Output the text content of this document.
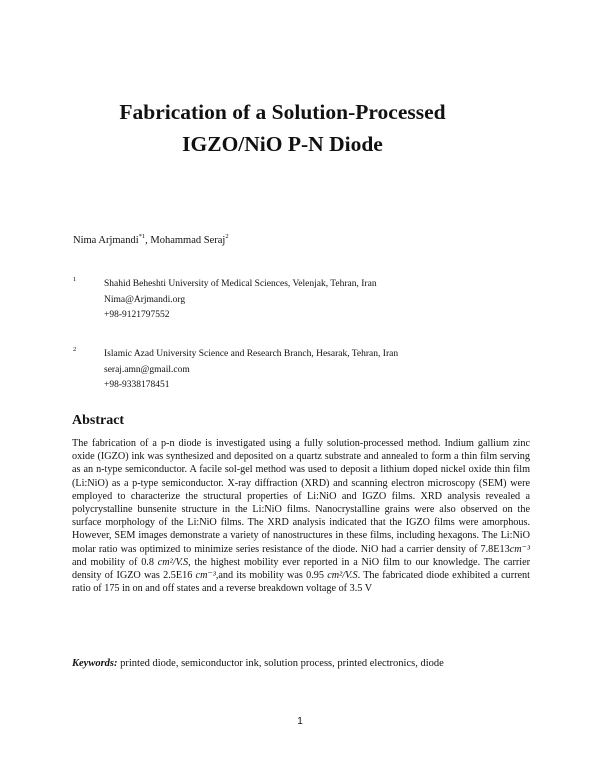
Fabrication of a Solution-Processed
IGZO/NiO P-N Diode
Nima Arjmandi$^{*1}$, Mohammad Seraj$^2$
1	Shahid Beheshti University of Medical Sciences, Velenjak, Tehran, Iran
Nima@Arjmandi.org
+98-9121797552
2	Islamic Azad University Science and Research Branch, Hesarak, Tehran, Iran
seraj.amn@gmail.com
+98-9338178451
Abstract
The fabrication of a p-n diode is investigated using a fully solution-processed method. Indium gallium zinc oxide (IGZO) ink was synthesized and deposited on a quartz substrate and annealed to form a thin film serving as an n-type semiconductor. A facile sol-gel method was used to deposit a lithium doped nickel oxide thin film (Li:NiO) as a p-type semiconductor. X-ray diffraction (XRD) and scanning electron microscopy (SEM) were employed to characterize the structural properties of Li:NiO and IGZO films. XRD analysis revealed a polycrystalline bunsenite structure in the Li:NiO films. Nanocrystalline grains were also observed on the surface morphology of the Li:NiO films. The XRD analysis indicated that the IGZO films were amorphous. However, SEM images demonstrate a variety of nanostructures in these films, including hexagons. The Li:NiO molar ratio was optimized to minimize series resistance of the diode. NiO had a carrier density of 7.8E13cm⁻³ and mobility of 0.8 cm²/V.S, the highest mobility ever reported in a NiO film to our knowledge. The carrier density of IGZO was 2.5E16 cm⁻³,and its mobility was 0.95 cm²/V.S. The fabricated diode exhibited a current ratio of 175 in on and off states and a reverse breakdown voltage of 3.5 V
Keywords: printed diode, semiconductor ink, solution process, printed electronics, diode
1
